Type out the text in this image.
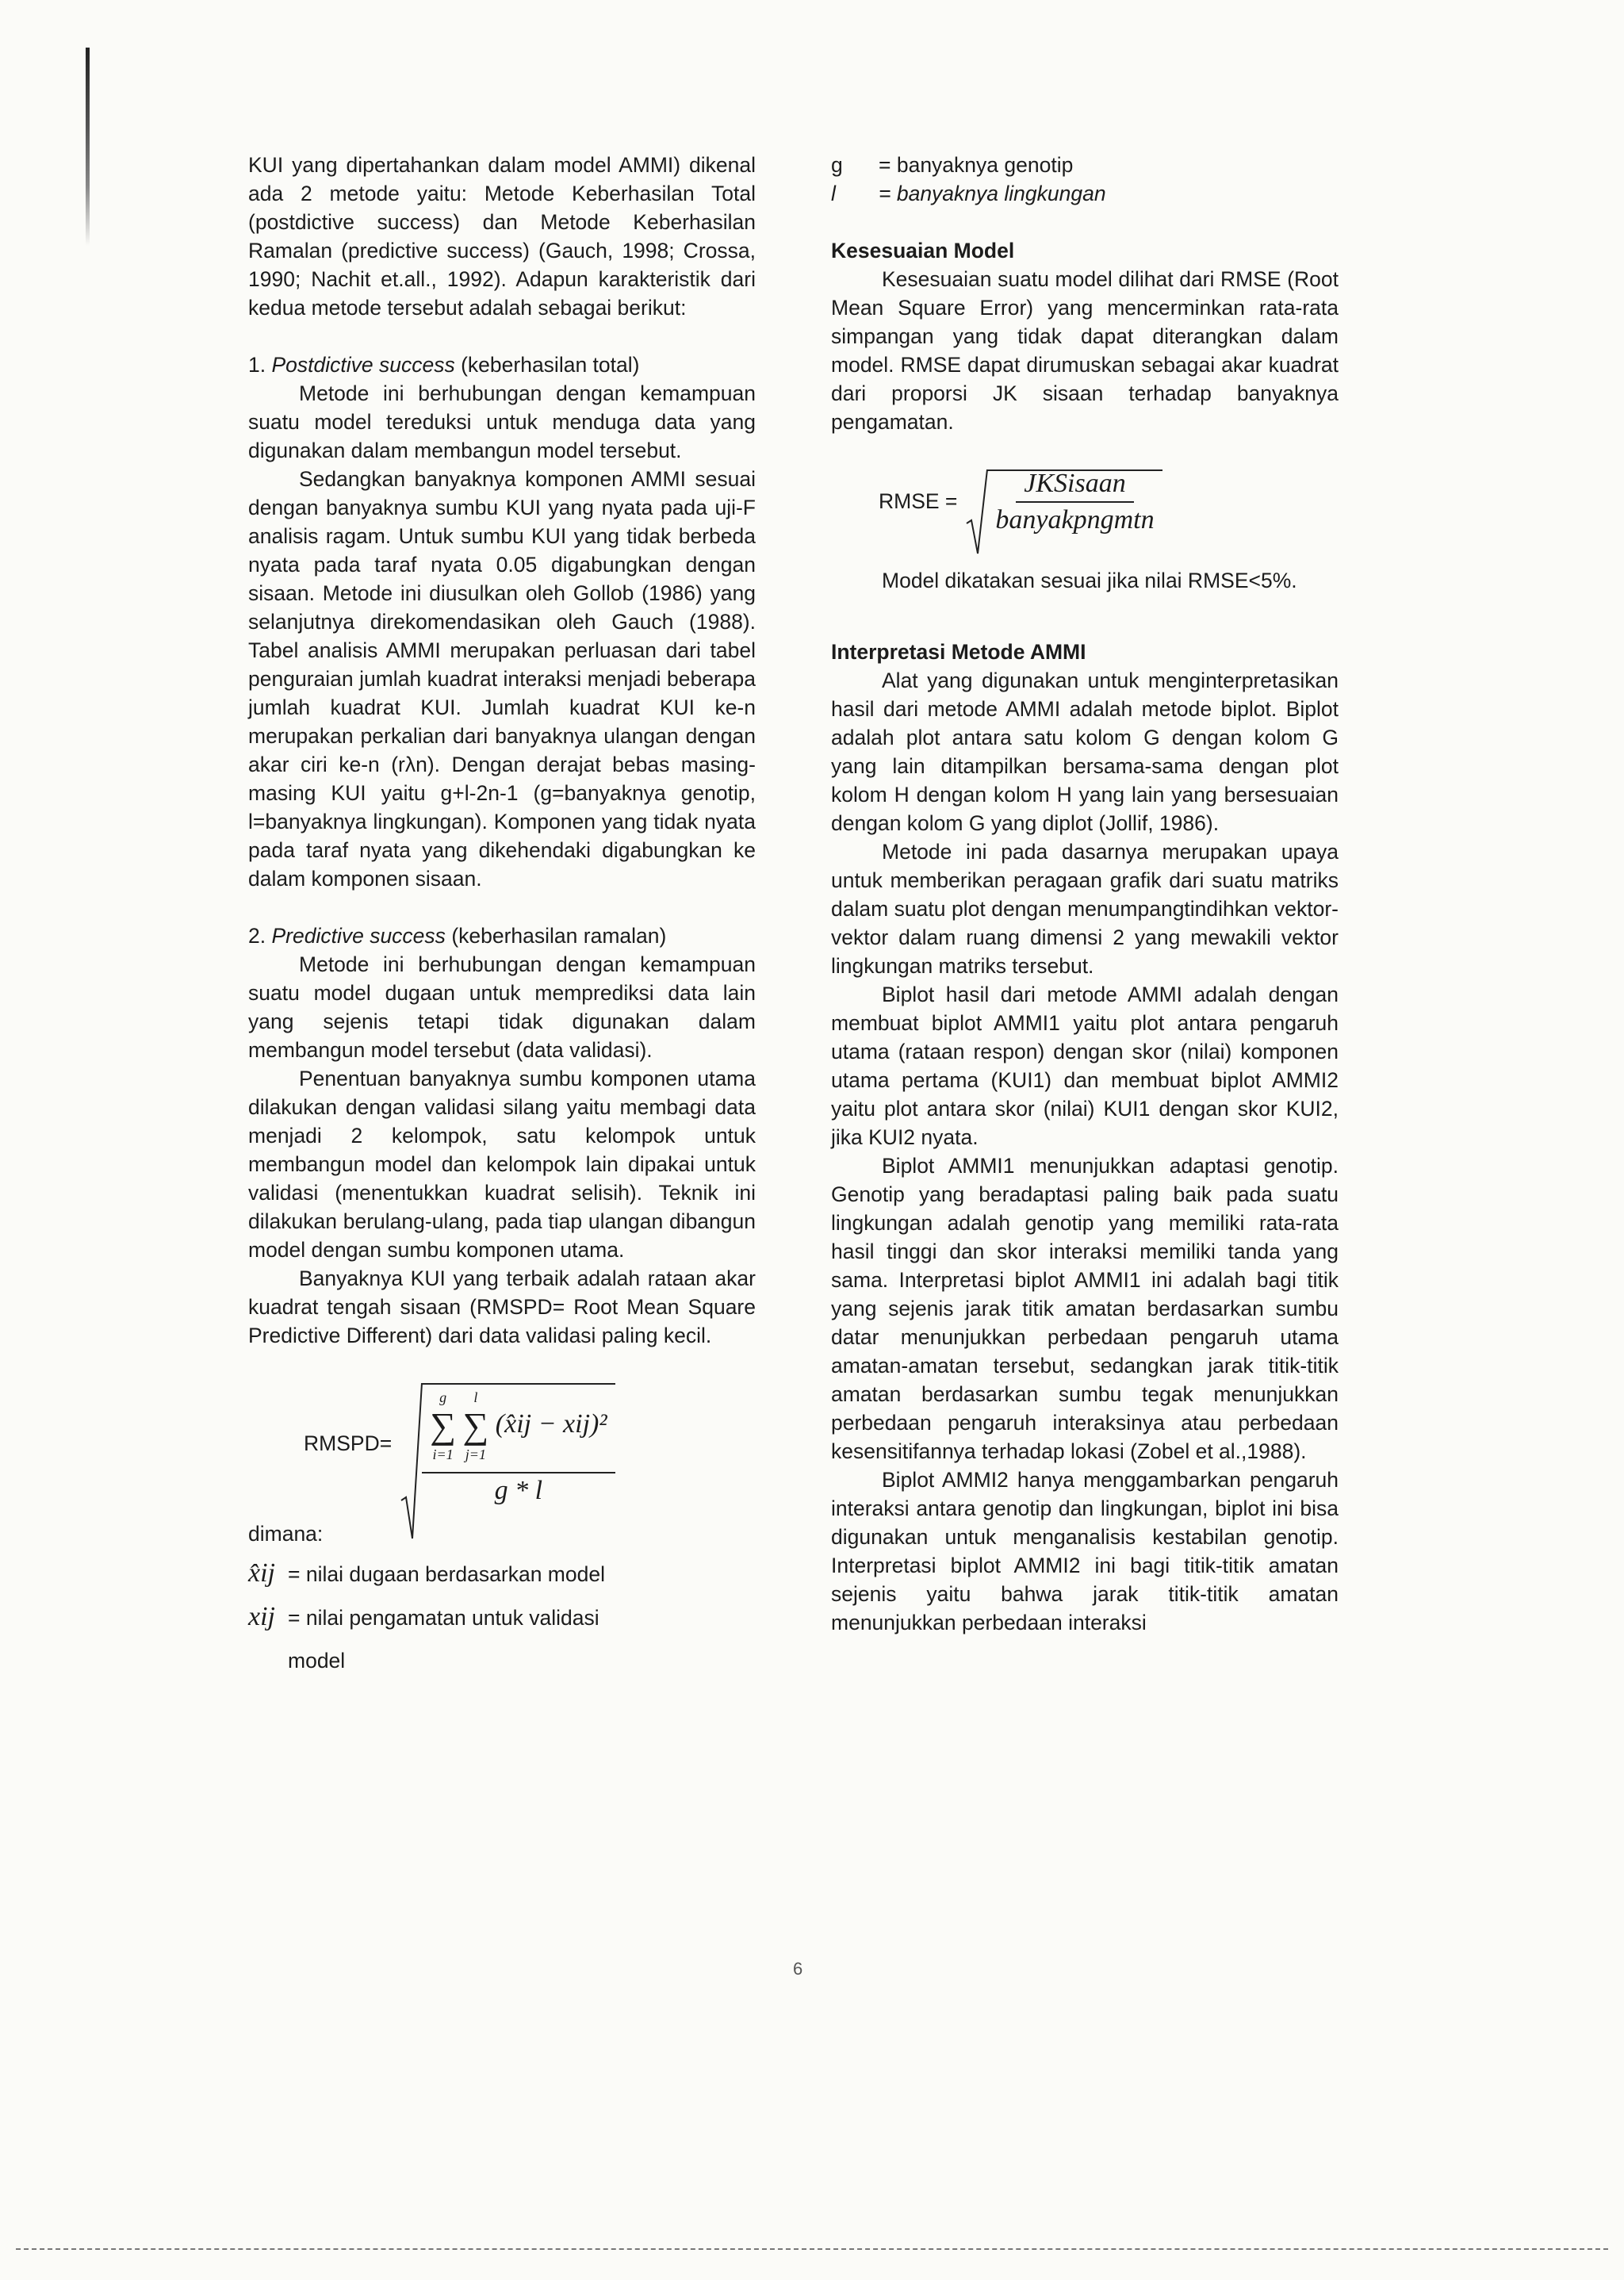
KUI yang dipertahankan dalam model AMMI) dikenal ada 2 metode yaitu: Metode Keberhasilan Total (postdictive success) dan Metode Keberhasilan Ramalan (predictive success) (Gauch, 1998; Crossa, 1990; Nachit et.all., 1992). Adapun karakteristik dari kedua metode tersebut adalah sebagai berikut:

1. Postdictive success (keberhasilan total)

Metode ini berhubungan dengan kemampuan suatu model tereduksi untuk menduga data yang digunakan dalam membangun model tersebut.

Sedangkan banyaknya komponen AMMI sesuai dengan banyaknya sumbu KUI yang nyata pada uji-F analisis ragam. Untuk sumbu KUI yang tidak berbeda nyata pada taraf nyata 0.05 digabungkan dengan sisaan. Metode ini diusulkan oleh Gollob (1986) yang selanjutnya direkomendasikan oleh Gauch (1988). Tabel analisis AMMI merupakan perluasan dari tabel penguraian jumlah kuadrat interaksi menjadi beberapa jumlah kuadrat KUI. Jumlah kuadrat KUI ke-n merupakan perkalian dari banyaknya ulangan dengan akar ciri ke-n (rλn). Dengan derajat bebas masing-masing KUI yaitu g+l-2n-1 (g=banyaknya genotip, l=banyaknya lingkungan). Komponen yang tidak nyata pada taraf nyata yang dikehendaki digabungkan ke dalam komponen sisaan.

2. Predictive success (keberhasilan ramalan)

Metode ini berhubungan dengan kemampuan suatu model dugaan untuk memprediksi data lain yang sejenis tetapi tidak digunakan dalam membangun model tersebut (data validasi).

Penentuan banyaknya sumbu komponen utama dilakukan dengan validasi silang yaitu membagi data menjadi 2 kelompok, satu kelompok untuk membangun model dan kelompok lain dipakai untuk validasi (menentukkan kuadrat selisih). Teknik ini dilakukan berulang-ulang, pada tiap ulangan dibangun model dengan sumbu komponen utama.

Banyaknya KUI yang terbaik adalah rataan akar kuadrat tengah sisaan (RMSPD= Root Mean Square Predictive Different) dari data validasi paling kecil.

RMSPD=
g
∑
i=1

l
∑
j=1
(x̂ij − xij)²
g * l

dimana:

x̂ij = nilai dugaan berdasarkan model
xij = nilai pengamatan untuk validasi

model

g	= banyaknya genotip
l	= banyaknya lingkungan

Kesesuaian Model

Kesesuaian suatu model dilihat dari RMSE (Root Mean Square Error) yang mencerminkan rata-rata simpangan yang tidak dapat diterangkan dalam model. RMSE dapat dirumuskan sebagai akar kuadrat dari proporsi JK sisaan terhadap banyaknya pengamatan.

RMSE = $\frac{\text{JKSisaan}}{\text{banyakpngmtn}}$

Model dikatakan sesuai jika nilai RMSE<5%.

Interpretasi Metode AMMI

Alat yang digunakan untuk menginterpretasikan hasil dari metode AMMI adalah metode biplot. Biplot adalah plot antara satu kolom G dengan kolom G yang lain ditampilkan bersama-sama dengan plot kolom H dengan kolom H yang lain yang bersesuaian dengan kolom G yang diplot (Jollif, 1986).

Metode ini pada dasarnya merupakan upaya untuk memberikan peragaan grafik dari suatu matriks dalam suatu plot dengan menumpangtindihkan vektor-vektor dalam ruang dimensi 2 yang mewakili vektor lingkungan matriks tersebut.

Biplot hasil dari metode AMMI adalah dengan membuat biplot AMMI1 yaitu plot antara pengaruh utama (rataan respon) dengan skor (nilai) komponen utama pertama (KUI1) dan membuat biplot AMMI2 yaitu plot antara skor (nilai) KUI1 dengan skor KUI2, jika KUI2 nyata.

Biplot AMMI1 menunjukkan adaptasi genotip. Genotip yang beradaptasi paling baik pada suatu lingkungan adalah genotip yang memiliki rata-rata hasil tinggi dan skor interaksi memiliki tanda yang sama. Interpretasi biplot AMMI1 ini adalah bagi titik yang sejenis jarak titik amatan berdasarkan sumbu datar menunjukkan perbedaan pengaruh utama amatan-amatan tersebut, sedangkan jarak titik-titik amatan berdasarkan sumbu tegak menunjukkan perbedaan pengaruh interaksinya atau perbedaan kesensitifannya terhadap lokasi (Zobel et al.,1988).

Biplot AMMI2 hanya menggambarkan pengaruh interaksi antara genotip dan lingkungan, biplot ini bisa digunakan untuk menganalisis kestabilan genotip. Interpretasi biplot AMMI2 ini bagi titik-titik amatan sejenis yaitu bahwa jarak titik-titik amatan menunjukkan perbedaan interaksi

6
